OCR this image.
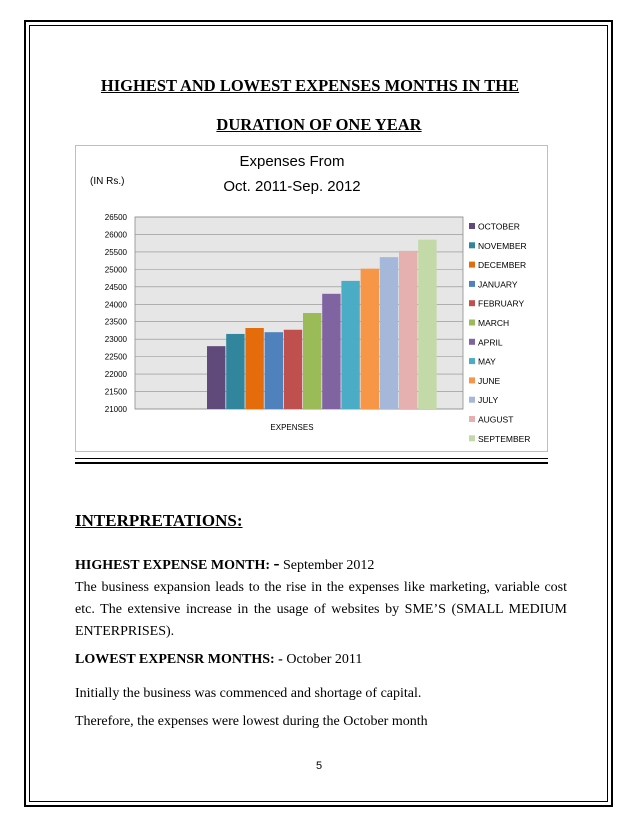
HIGHEST AND LOWEST EXPENSES MONTHS IN THE
DURATION OF ONE YEAR
(IN Rs.)
Expenses From
Oct. 2011-Sep. 2012
21000
21500
22000
22500
23000
23500
24000
24500
25000
25500
26000
26500
EXPENSES
OCTOBER
NOVEMBER
DECEMBER
JANUARY
FEBRUARY
MARCH
APRIL
MAY
JUNE
JULY
AUGUST
SEPTEMBER
INTERPRETATIONS:
HIGHEST EXPENSE MONTH: - September 2012
The business expansion leads to the rise in the expenses like marketing, variable cost etc. The extensive increase in the usage of websites by SME’S (SMALL MEDIUM ENTERPRISES).
LOWEST EXPENSR MONTHS: - October 2011
Initially the business was commenced and shortage of capital.
Therefore, the expenses were lowest during the October month
5
